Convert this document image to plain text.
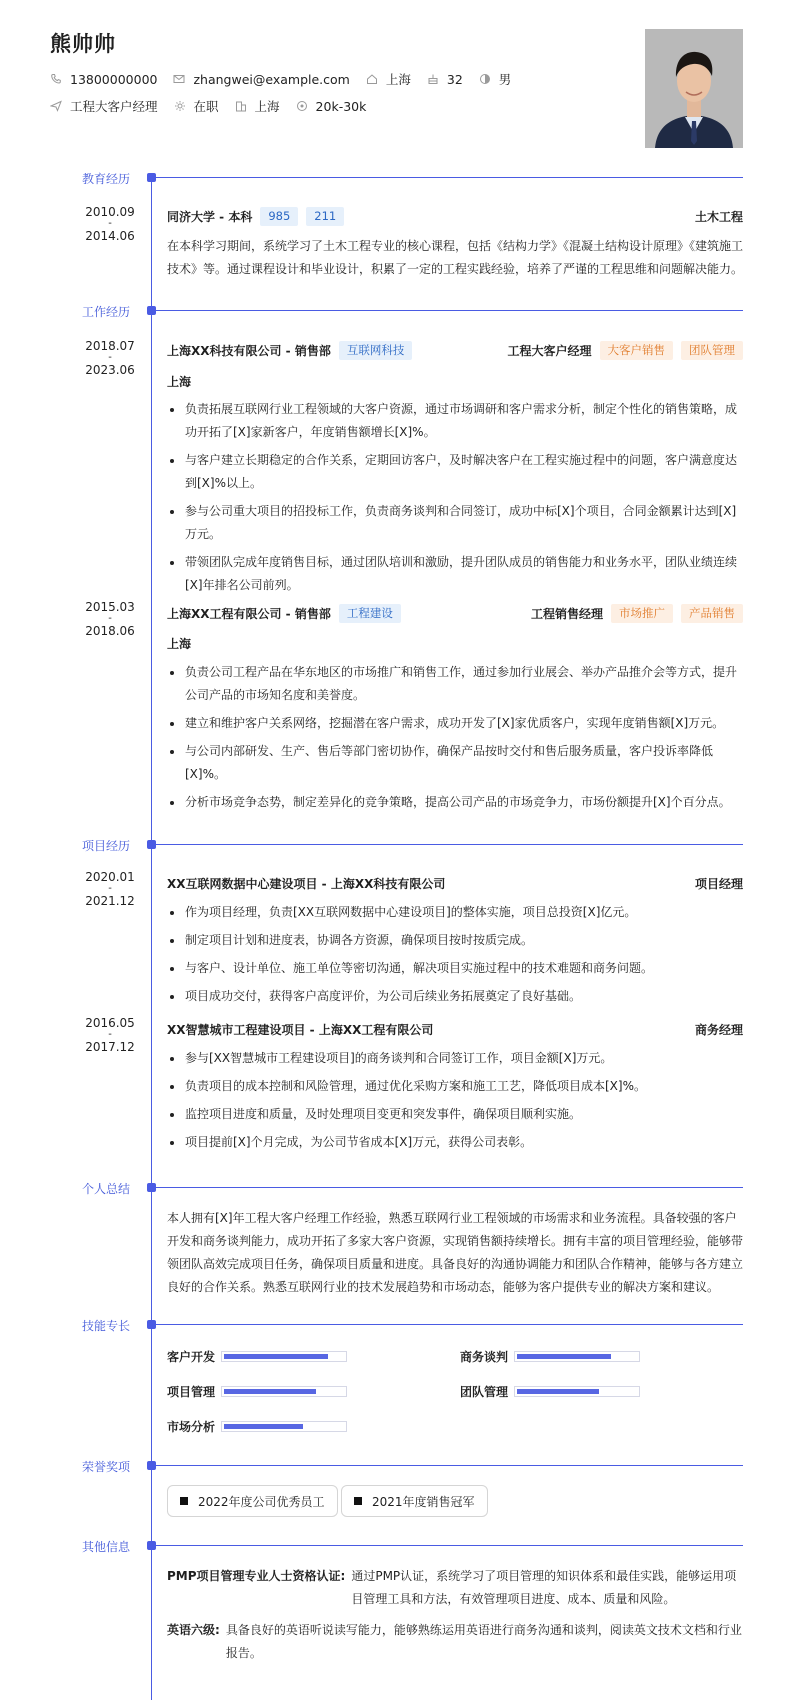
熊帅帅
13800000000	zhangwei@example.com	上海	32	男
工程大客户经理	在职	上海	20k-30k
教育经历
2010.09
-
2014.06
同济大学 - 本科	985	211	土木工程
在本科学习期间，系统学习了土木工程专业的核心课程，包括《结构力学》《混凝土结构设计原理》《建筑施工技术》等。通过课程设计和毕业设计，积累了一定的工程实践经验，培养了严谨的工程思维和问题解决能力。
工作经历
2018.07
-
2023.06
上海XX科技有限公司 - 销售部	互联网科技	工程大客户经理	大客户销售	团队管理
上海
负责拓展互联网行业工程领域的大客户资源，通过市场调研和客户需求分析，制定个性化的销售策略，成功开拓了[X]家新客户，年度销售额增长[X]%。
与客户建立长期稳定的合作关系，定期回访客户，及时解决客户在工程实施过程中的问题，客户满意度达到[X]%以上。
参与公司重大项目的招投标工作，负责商务谈判和合同签订，成功中标[X]个项目，合同金额累计达到[X]万元。
带领团队完成年度销售目标，通过团队培训和激励，提升团队成员的销售能力和业务水平，团队业绩连续[X]年排名公司前列。
2015.03
-
2018.06
上海XX工程有限公司 - 销售部	工程建设	工程销售经理	市场推广	产品销售
上海
负责公司工程产品在华东地区的市场推广和销售工作，通过参加行业展会、举办产品推介会等方式，提升公司产品的市场知名度和美誉度。
建立和维护客户关系网络，挖掘潜在客户需求，成功开发了[X]家优质客户，实现年度销售额[X]万元。
与公司内部研发、生产、售后等部门密切协作，确保产品按时交付和售后服务质量，客户投诉率降低[X]%。
分析市场竞争态势，制定差异化的竞争策略，提高公司产品的市场竞争力，市场份额提升[X]个百分点。
项目经历
2020.01
-
2021.12
XX互联网数据中心建设项目 - 上海XX科技有限公司	项目经理
作为项目经理，负责[XX互联网数据中心建设项目]的整体实施，项目总投资[X]亿元。
制定项目计划和进度表，协调各方资源，确保项目按时按质完成。
与客户、设计单位、施工单位等密切沟通，解决项目实施过程中的技术难题和商务问题。
项目成功交付，获得客户高度评价，为公司后续业务拓展奠定了良好基础。
2016.05
-
2017.12
XX智慧城市工程建设项目 - 上海XX工程有限公司	商务经理
参与[XX智慧城市工程建设项目]的商务谈判和合同签订工作，项目金额[X]万元。
负责项目的成本控制和风险管理，通过优化采购方案和施工工艺，降低项目成本[X]%。
监控项目进度和质量，及时处理项目变更和突发事件，确保项目顺利实施。
项目提前[X]个月完成，为公司节省成本[X]万元，获得公司表彰。
个人总结
本人拥有[X]年工程大客户经理工作经验，熟悉互联网行业工程领域的市场需求和业务流程。具备较强的客户开发和商务谈判能力，成功开拓了多家大客户资源，实现销售额持续增长。拥有丰富的项目管理经验，能够带领团队高效完成项目任务，确保项目质量和进度。具备良好的沟通协调能力和团队合作精神，能够与各方建立良好的合作关系。熟悉互联网行业的技术发展趋势和市场动态，能够为客户提供专业的解决方案和建议。
技能专长
客户开发	商务谈判
项目管理	团队管理
市场分析
荣誉奖项
2022年度公司优秀员工	2021年度销售冠军
其他信息
PMP项目管理专业人士资格认证: 通过PMP认证，系统学习了项目管理的知识体系和最佳实践，能够运用项目管理工具和方法，有效管理项目进度、成本、质量和风险。
英语六级: 具备良好的英语听说读写能力，能够熟练运用英语进行商务沟通和谈判，阅读英文技术文档和行业报告。
